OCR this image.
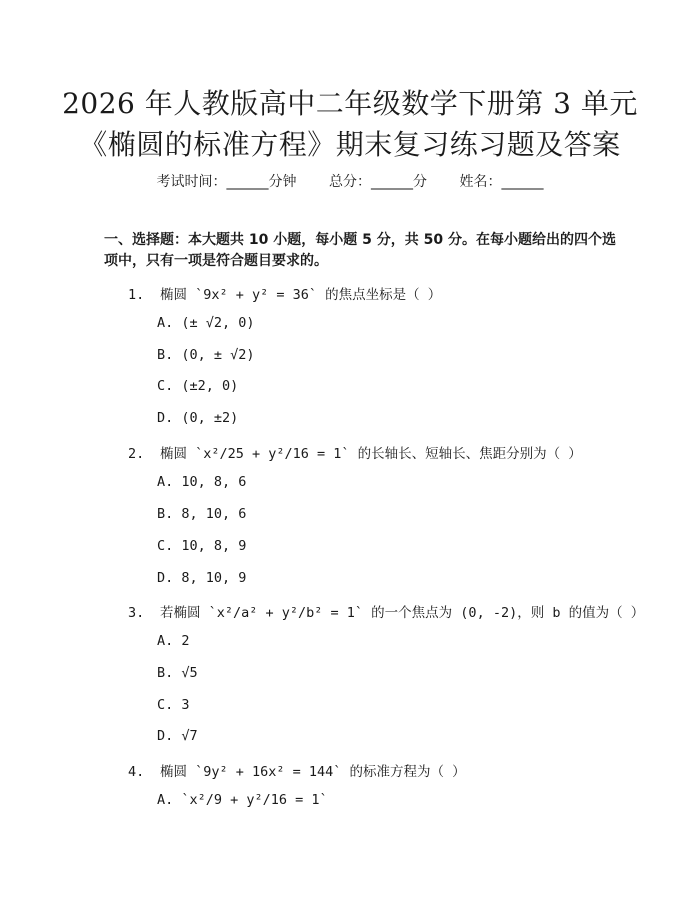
2026 年人教版高中二年级数学下册第 3 单元
《椭圆的标准方程》期末复习练习题及答案
考试时间：______分钟 总分：______分 姓名：______
一、选择题：本大题共 10 小题，每小题 5 分，共 50 分。在每小题给出的四个选项中，只有一项是符合题目要求的。
1. 椭圆 `9x² + y² = 36` 的焦点坐标是（ ）
A. (± √2, 0)
B. (0, ± √2)
C. (±2, 0)
D. (0, ±2)
2. 椭圆 `x²/25 + y²/16 = 1` 的长轴长、短轴长、焦距分别为（ ）
A. 10, 8, 6
B. 8, 10, 6
C. 10, 8, 9
D. 8, 10, 9
3. 若椭圆 `x²/a² + y²/b² = 1` 的一个焦点为 (0, -2)，则 b 的值为（ ）
A. 2
B. √5
C. 3
D. √7
4. 椭圆 `9y² + 16x² = 144` 的标准方程为（ ）
A. `x²/9 + y²/16 = 1`
